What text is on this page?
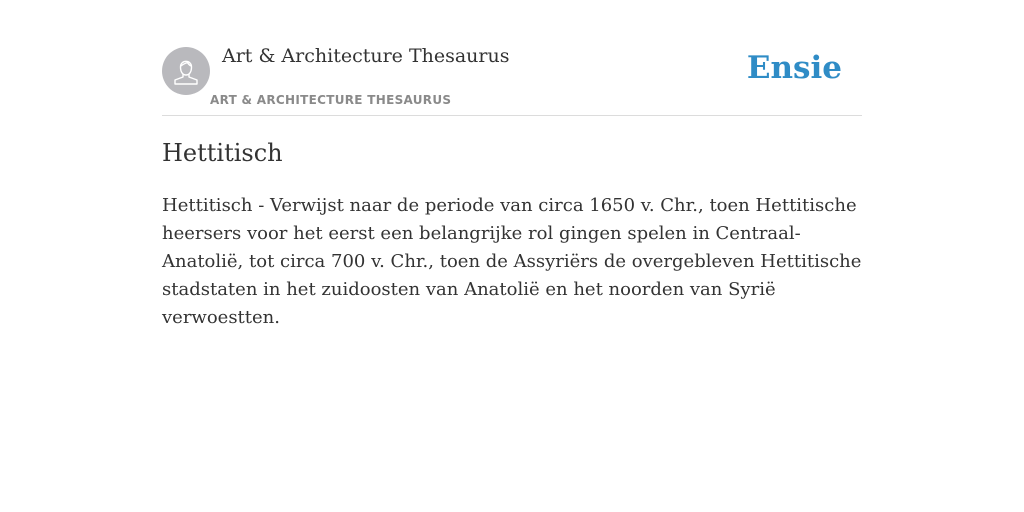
Art & Architecture Thesaurus
ART & ARCHITECTURE THESAURUS
Ensie
Hettitisch

Hettitisch - Verwijst naar de periode van circa 1650 v. Chr., toen Hettitische heersers voor het eerst een belangrijke rol gingen spelen in Centraal-Anatolië, tot circa 700 v. Chr., toen de Assyriërs de overgebleven Hettitische stadstaten in het zuidoosten van Anatolië en het noorden van Syrië verwoestten.
